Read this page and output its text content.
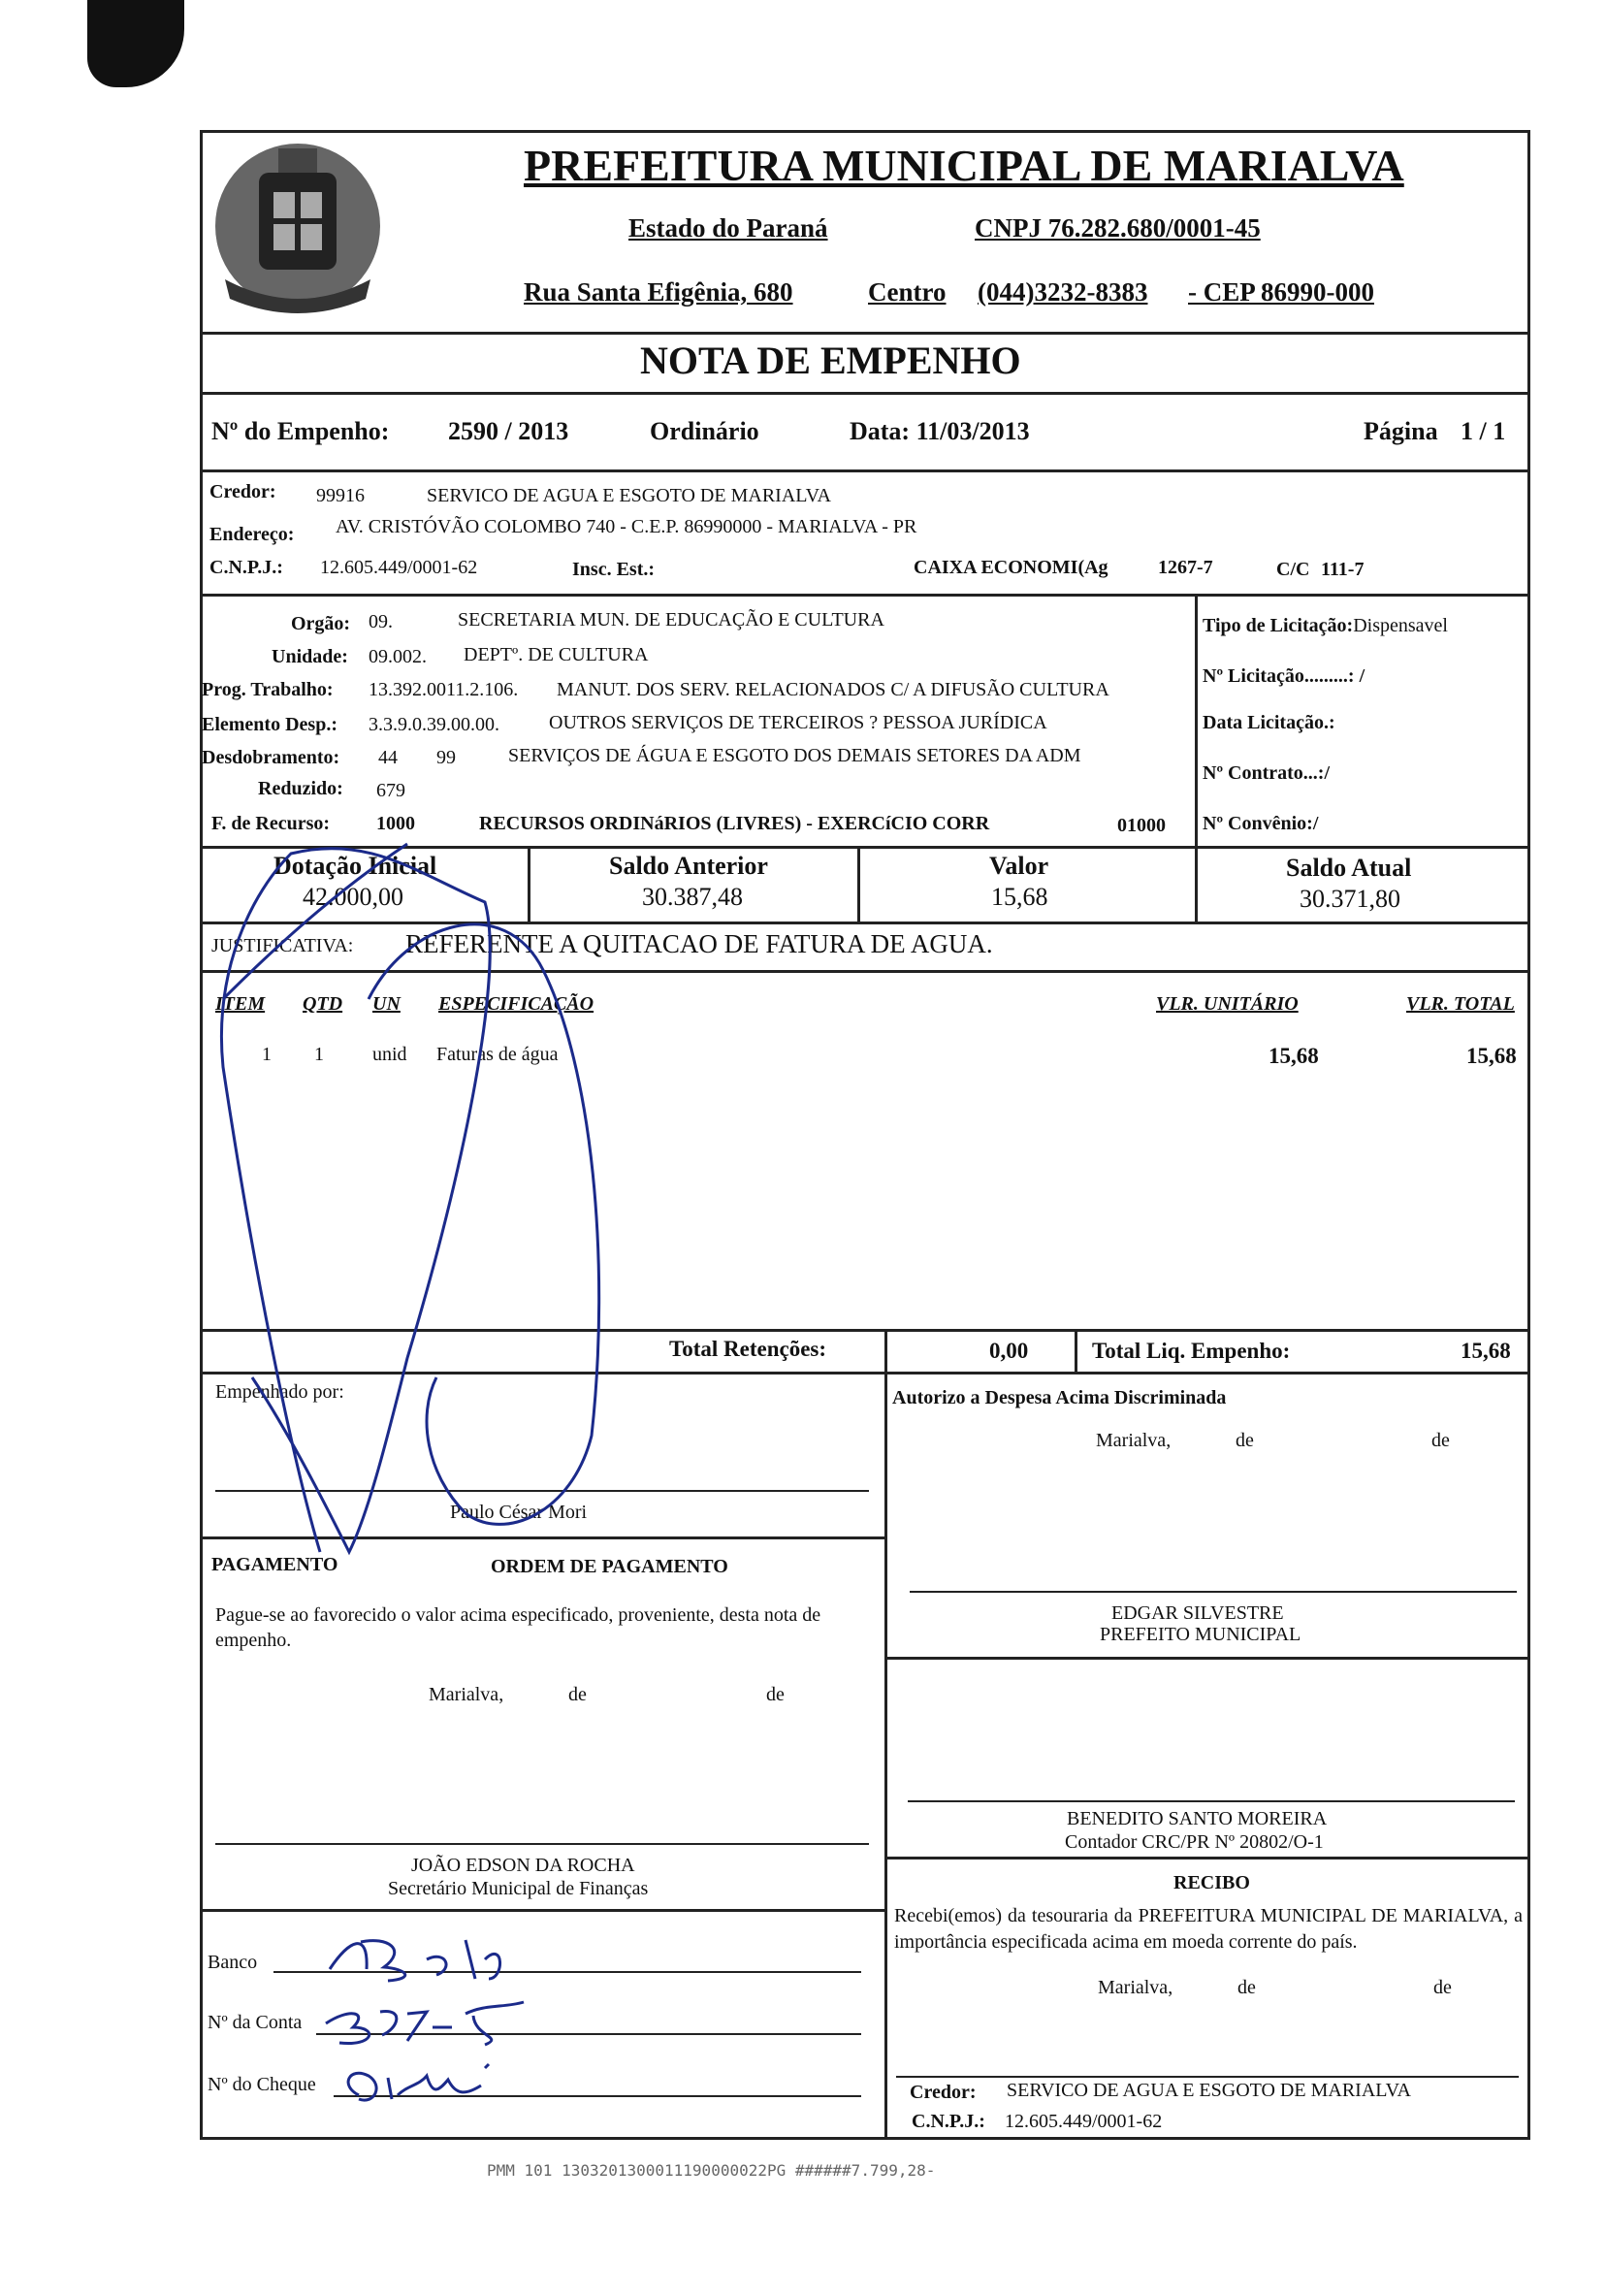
PREFEITURA MUNICIPAL DE MARIALVA
Estado do Paraná	CNPJ 76.282.680/0001-45
Rua Santa Efigênia, 680	Centro (044)3232-8383 - CEP 86990-000
NOTA DE EMPENHO
Nº do Empenho: 2590 / 2013	Ordinário	Data: 11/03/2013	Página 1 / 1
Credor: 99916	SERVICO DE AGUA E ESGOTO DE MARIALVA
Endereço: AV. CRISTÓVÃO COLOMBO 740 - C.E.P. 86990000 - MARIALVA - PR
C.N.P.J.: 12.605.449/0001-62	Insc. Est.:	CAIXA ECONOMI(Ag	1267-7	C/C 111-7
Orgão: 09.	SECRETARIA MUN. DE EDUCAÇÃO E CULTURA
Unidade: 09.002. DEPTº. DE CULTURA
Prog. Trabalho: 13.392.0011.2.106. MANUT. DOS SERV. RELACIONADOS C/ A DIFUSÃO CULTURA
Elemento Desp.: 3.3.9.0.39.00.00.	OUTROS SERVIÇOS DE TERCEIROS ? PESSOA JURÍDICA
Desdobramento: 44 99	SERVIÇOS DE ÁGUA E ESGOTO DOS DEMAIS SETORES DA ADM
Reduzido: 679
F. de Recurso: 1000	RECURSOS ORDINáRIOS (LIVRES) - EXERCíCIO CORR	01000
Tipo de Licitação:Dispensavel
Nº Licitação.........: /
Data Licitação.:
Nº Contrato...:/
Nº Convênio:/
Dotação Inicial
42.000,00
Saldo Anterior
30.387,48
Valor
15,68
Saldo Atual
30.371,80
JUSTIFICATIVA: REFERENTE A QUITACAO DE FATURA DE AGUA.
ITEM QTD UN ESPECIFICAÇÃO	VLR. UNITÁRIO	VLR. TOTAL
1 1	unid Faturas de água	15,68	15,68
Total Retenções:	0,00	Total Liq. Empenho:	15,68
Empenhado por:
Paulo César Mori
Autorizo a Despesa Acima Discriminada
Marialva,	de	de
PAGAMENTO	ORDEM DE PAGAMENTO
Pague-se ao favorecido o valor acima especificado, proveniente, desta nota de empenho.
Marialva,	de	de
JOÃO EDSON DA ROCHA
Secretário Municipal de Finanças
Banco
Nº da Conta
Nº do Cheque
EDGAR SILVESTRE
PREFEITO MUNICIPAL
BENEDITO SANTO MOREIRA
Contador CRC/PR Nº 20802/O-1
RECIBO
Recebi(emos) da tesouraria da PREFEITURA MUNICIPAL DE MARIALVA, a importância especificada acima em moeda corrente do país.
Marialva,	de	de
Credor: SERVICO DE AGUA E ESGOTO DE MARIALVA
C.N.P.J.: 12.605.449/0001-62
PMM 101 1303201300011190000022PG ######7.799,28-
